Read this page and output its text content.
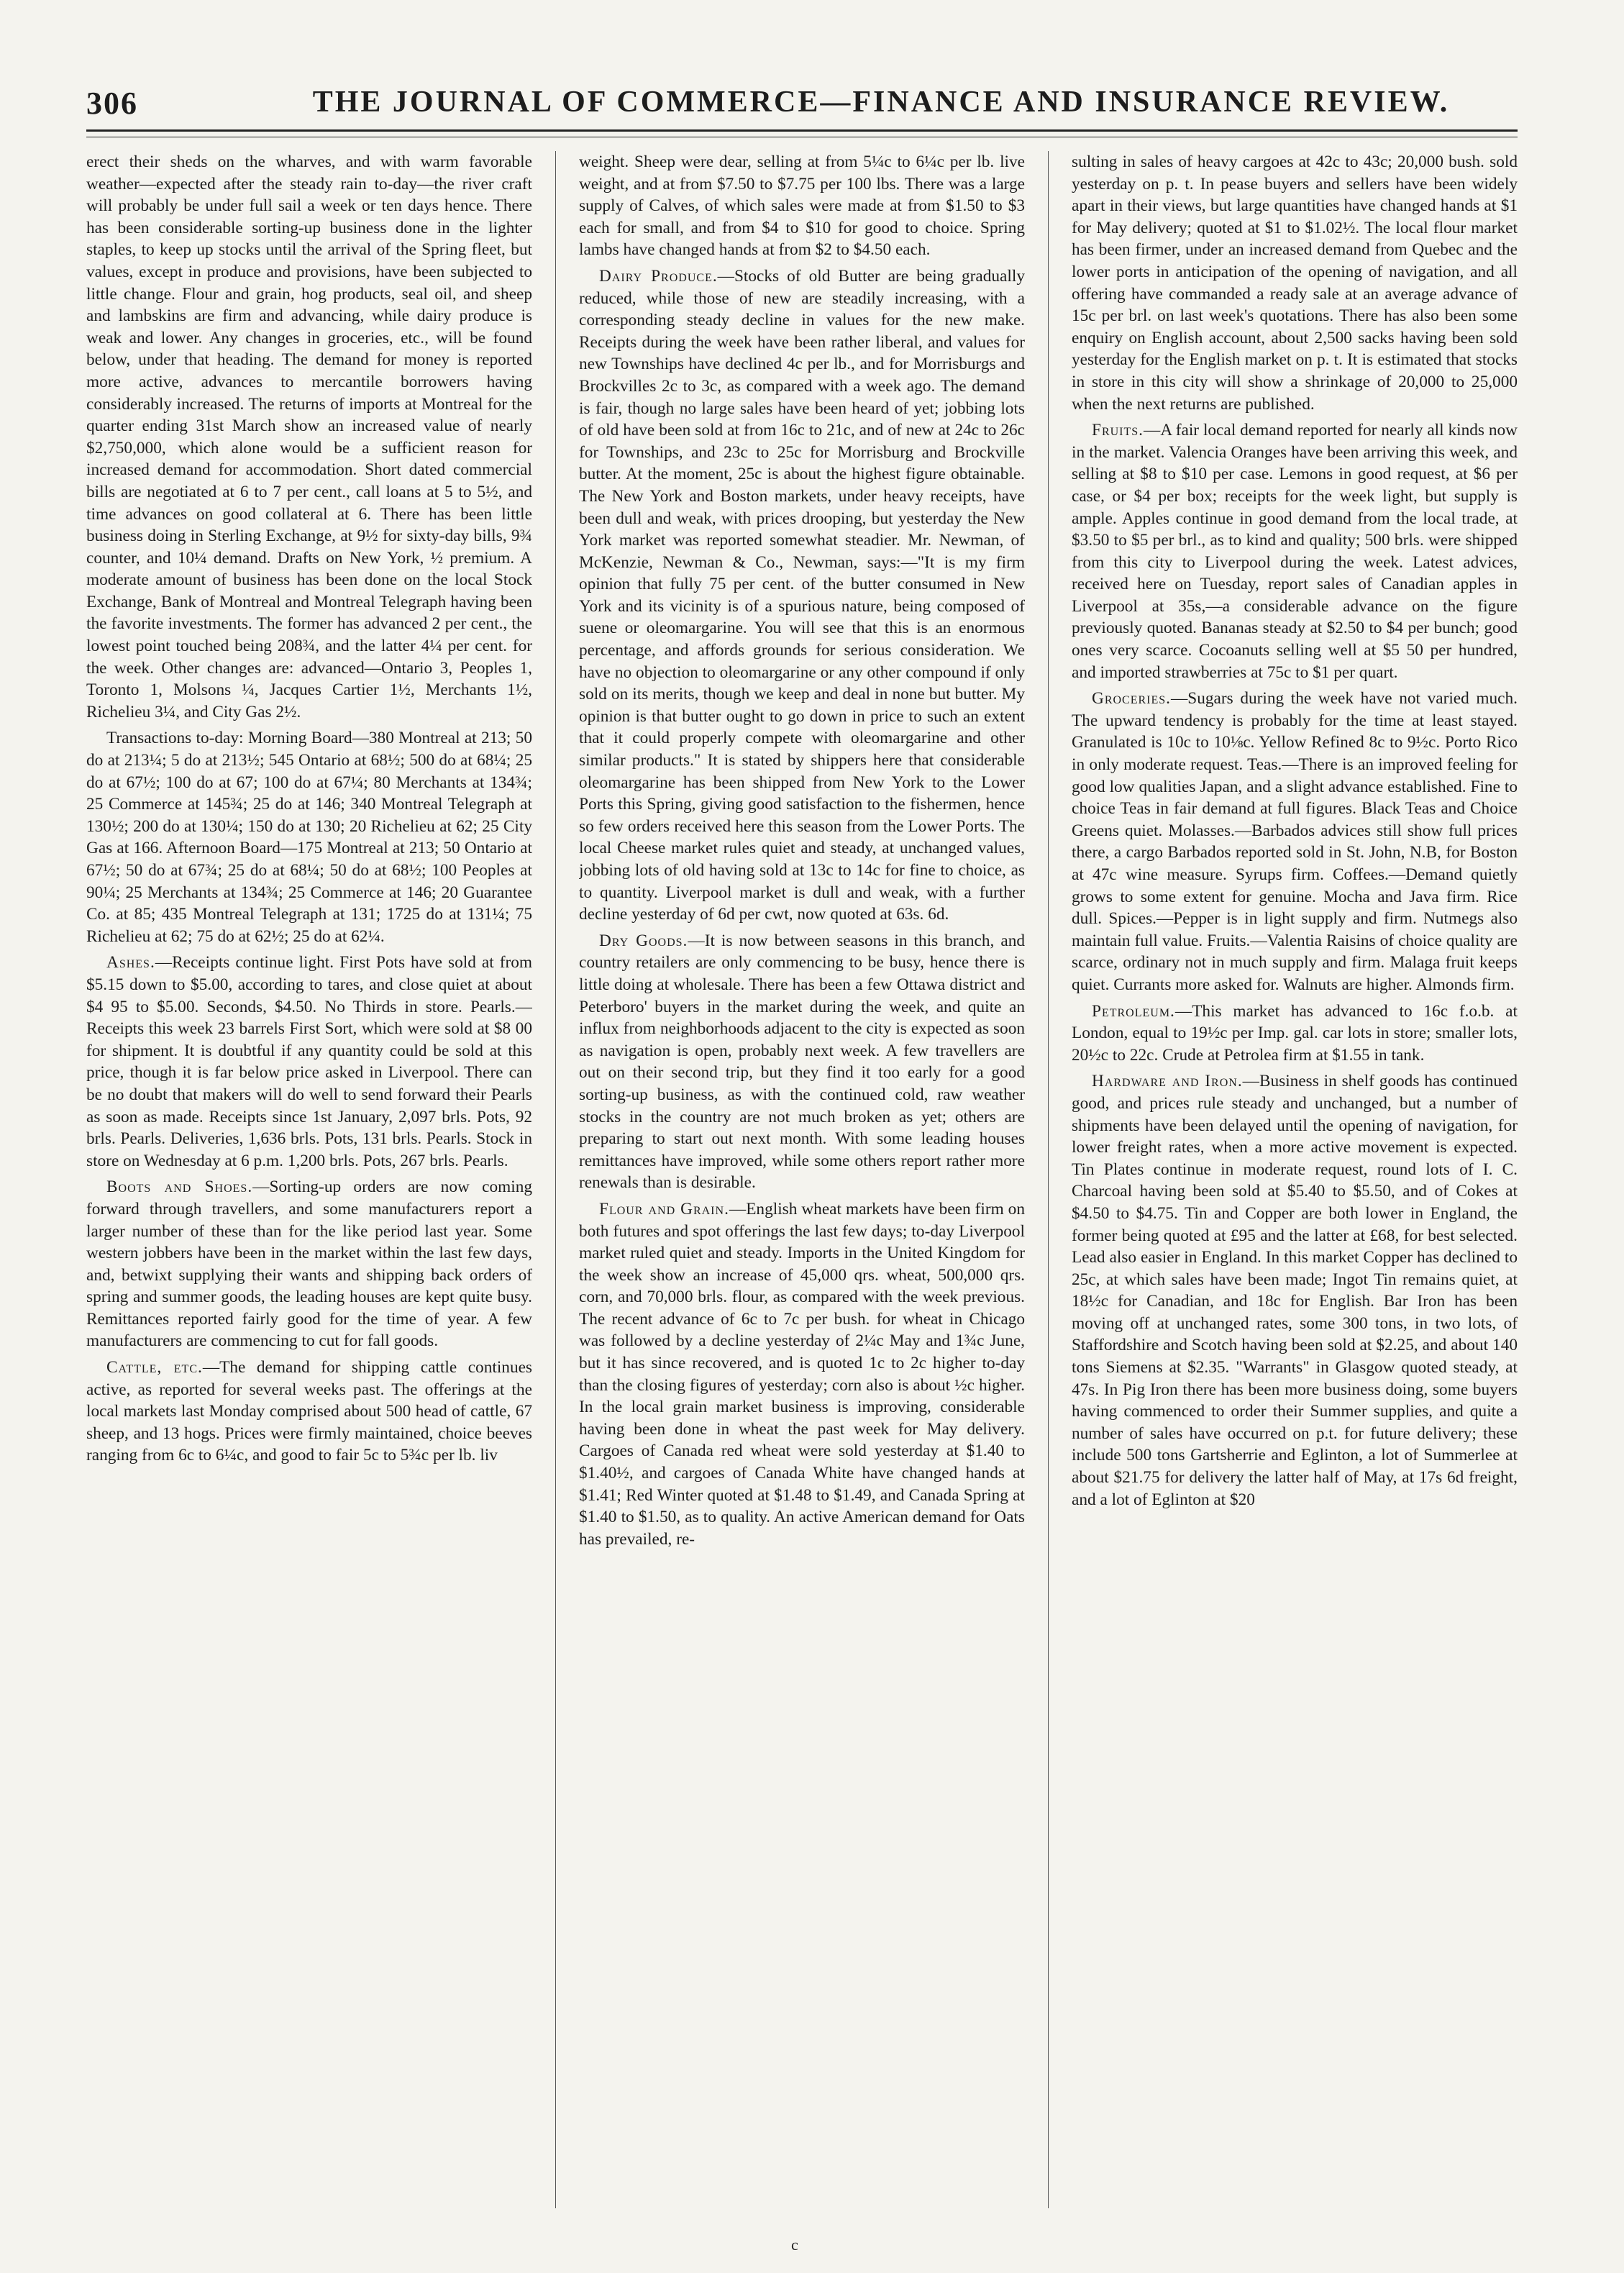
306	THE JOURNAL OF COMMERCE—FINANCE AND INSURANCE REVIEW.

erect their sheds on the wharves, and with warm favorable weather—expected after the steady rain to-day—the river craft will probably be under full sail a week or ten days hence. There has been considerable sorting-up business done in the lighter staples, to keep up stocks until the arrival of the Spring fleet, but values, except in produce and provisions, have been subjected to little change. Flour and grain, hog products, seal oil, and sheep and lambskins are firm and advancing, while dairy produce is weak and lower. Any changes in groceries, etc., will be found below, under that heading. The demand for money is reported more active, advances to mercantile borrowers having considerably increased. The returns of imports at Montreal for the quarter ending 31st March show an increased value of nearly $2,750,000, which alone would be a sufficient reason for increased demand for accommodation. Short dated commercial bills are negotiated at 6 to 7 per cent., call loans at 5 to 5½, and time advances on good collateral at 6. There has been little business doing in Sterling Exchange, at 9½ for sixty-day bills, 9¾ counter, and 10¼ demand. Drafts on New York, ½ premium. A moderate amount of business has been done on the local Stock Exchange, Bank of Montreal and Montreal Telegraph having been the favorite investments. The former has advanced 2 per cent., the lowest point touched being 208¾, and the latter 4¼ per cent. for the week. Other changes are: advanced—Ontario 3, Peoples 1, Toronto 1, Molsons ¼, Jacques Cartier 1½, Merchants 1½, Richelieu 3¼, and City Gas 2½.

Transactions to-day: Morning Board—380 Montreal at 213; 50 do at 213¼; 5 do at 213½; 545 Ontario at 68½; 500 do at 68¼; 25 do at 67½; 100 do at 67; 100 do at 67¼; 80 Merchants at 134¾; 25 Commerce at 145¾; 25 do at 146; 340 Montreal Telegraph at 130½; 200 do at 130¼; 150 do at 130; 20 Richelieu at 62; 25 City Gas at 166. Afternoon Board—175 Montreal at 213; 50 Ontario at 67½; 50 do at 67¾; 25 do at 68¼; 50 do at 68½; 100 Peoples at 90¼; 25 Merchants at 134¾; 25 Commerce at 146; 20 Guarantee Co. at 85; 435 Montreal Telegraph at 131; 1725 do at 131¼; 75 Richelieu at 62; 75 do at 62½; 25 do at 62¼.

Ashes.—Receipts continue light. First Pots have sold at from $5.15 down to $5.00, according to tares, and close quiet at about $4 95 to $5.00. Seconds, $4.50. No Thirds in store. Pearls.—Receipts this week 23 barrels First Sort, which were sold at $8 00 for shipment. It is doubtful if any quantity could be sold at this price, though it is far below price asked in Liverpool. There can be no doubt that makers will do well to send forward their Pearls as soon as made. Receipts since 1st January, 2,097 brls. Pots, 92 brls. Pearls. Deliveries, 1,636 brls. Pots, 131 brls. Pearls. Stock in store on Wednesday at 6 p.m. 1,200 brls. Pots, 267 brls. Pearls.

Boots and Shoes.—Sorting-up orders are now coming forward through travellers, and some manufacturers report a larger number of these than for the like period last year. Some western jobbers have been in the market within the last few days, and, betwixt supplying their wants and shipping back orders of spring and summer goods, the leading houses are kept quite busy. Remittances reported fairly good for the time of year. A few manufacturers are commencing to cut for fall goods.

Cattle, etc.—The demand for shipping cattle continues active, as reported for several weeks past. The offerings at the local markets last Monday comprised about 500 head of cattle, 67 sheep, and 13 hogs. Prices were firmly maintained, choice beeves ranging from 6c to 6¼c, and good to fair 5c to 5¾c per lb. liv

weight. Sheep were dear, selling at from 5¼c to 6¼c per lb. live weight, and at from $7.50 to $7.75 per 100 lbs. There was a large supply of Calves, of which sales were made at from $1.50 to $3 each for small, and from $4 to $10 for good to choice. Spring lambs have changed hands at from $2 to $4.50 each.

Dairy Produce.—Stocks of old Butter are being gradually reduced, while those of new are steadily increasing, with a corresponding steady decline in values for the new make. Receipts during the week have been rather liberal, and values for new Townships have declined 4c per lb., and for Morrisburgs and Brockvilles 2c to 3c, as compared with a week ago. The demand is fair, though no large sales have been heard of yet; jobbing lots of old have been sold at from 16c to 21c, and of new at 24c to 26c for Townships, and 23c to 25c for Morrisburg and Brockville butter. At the moment, 25c is about the highest figure obtainable. The New York and Boston markets, under heavy receipts, have been dull and weak, with prices drooping, but yesterday the New York market was reported somewhat steadier. Mr. Newman, of McKenzie, Newman & Co., Newman, says:—"It is my firm opinion that fully 75 per cent. of the butter consumed in New York and its vicinity is of a spurious nature, being composed of suene or oleomargarine. You will see that this is an enormous percentage, and affords grounds for serious consideration. We have no objection to oleomargarine or any other compound if only sold on its merits, though we keep and deal in none but butter. My opinion is that butter ought to go down in price to such an extent that it could properly compete with oleomargarine and other similar products." It is stated by shippers here that considerable oleomargarine has been shipped from New York to the Lower Ports this Spring, giving good satisfaction to the fishermen, hence so few orders received here this season from the Lower Ports. The local Cheese market rules quiet and steady, at unchanged values, jobbing lots of old having sold at 13c to 14c for fine to choice, as to quantity. Liverpool market is dull and weak, with a further decline yesterday of 6d per cwt, now quoted at 63s. 6d.

Dry Goods.—It is now between seasons in this branch, and country retailers are only commencing to be busy, hence there is little doing at wholesale. There has been a few Ottawa district and Peterboro' buyers in the market during the week, and quite an influx from neighborhoods adjacent to the city is expected as soon as navigation is open, probably next week. A few travellers are out on their second trip, but they find it too early for a good sorting-up business, as with the continued cold, raw weather stocks in the country are not much broken as yet; others are preparing to start out next month. With some leading houses remittances have improved, while some others report rather more renewals than is desirable.

Flour and Grain.—English wheat markets have been firm on both futures and spot offerings the last few days; to-day Liverpool market ruled quiet and steady. Imports in the United Kingdom for the week show an increase of 45,000 qrs. wheat, 500,000 qrs. corn, and 70,000 brls. flour, as compared with the week previous. The recent advance of 6c to 7c per bush. for wheat in Chicago was followed by a decline yesterday of 2¼c May and 1¾c June, but it has since recovered, and is quoted 1c to 2c higher to-day than the closing figures of yesterday; corn also is about ½c higher. In the local grain market business is improving, considerable having been done in wheat the past week for May delivery. Cargoes of Canada red wheat were sold yesterday at $1.40 to $1.40½, and cargoes of Canada White have changed hands at $1.41; Red Winter quoted at $1.48 to $1.49, and Canada Spring at $1.40 to $1.50, as to quality. An active American demand for Oats has prevailed, re-

sulting in sales of heavy cargoes at 42c to 43c; 20,000 bush. sold yesterday on p. t. In pease buyers and sellers have been widely apart in their views, but large quantities have changed hands at $1 for May delivery; quoted at $1 to $1.02½. The local flour market has been firmer, under an increased demand from Quebec and the lower ports in anticipation of the opening of navigation, and all offering have commanded a ready sale at an average advance of 15c per brl. on last week's quotations. There has also been some enquiry on English account, about 2,500 sacks having been sold yesterday for the English market on p. t. It is estimated that stocks in store in this city will show a shrinkage of 20,000 to 25,000 when the next returns are published.

Fruits.—A fair local demand reported for nearly all kinds now in the market. Valencia Oranges have been arriving this week, and selling at $8 to $10 per case. Lemons in good request, at $6 per case, or $4 per box; receipts for the week light, but supply is ample. Apples continue in good demand from the local trade, at $3.50 to $5 per brl., as to kind and quality; 500 brls. were shipped from this city to Liverpool during the week. Latest advices, received here on Tuesday, report sales of Canadian apples in Liverpool at 35s,—a considerable advance on the figure previously quoted. Bananas steady at $2.50 to $4 per bunch; good ones very scarce. Cocoanuts selling well at $5 50 per hundred, and imported strawberries at 75c to $1 per quart.

Groceries.—Sugars during the week have not varied much. The upward tendency is probably for the time at least stayed. Granulated is 10c to 10⅛c. Yellow Refined 8c to 9½c. Porto Rico in only moderate request. Teas.—There is an improved feeling for good low qualities Japan, and a slight advance established. Fine to choice Teas in fair demand at full figures. Black Teas and Choice Greens quiet. Molasses.—Barbados advices still show full prices there, a cargo Barbados reported sold in St. John, N.B, for Boston at 47c wine measure. Syrups firm. Coffees.—Demand quietly grows to some extent for genuine. Mocha and Java firm. Rice dull. Spices.—Pepper is in light supply and firm. Nutmegs also maintain full value. Fruits.—Valentia Raisins of choice quality are scarce, ordinary not in much supply and firm. Malaga fruit keeps quiet. Currants more asked for. Walnuts are higher. Almonds firm.

Petroleum.—This market has advanced to 16c f.o.b. at London, equal to 19½c per Imp. gal. car lots in store; smaller lots, 20½c to 22c. Crude at Petrolea firm at $1.55 in tank.

Hardware and Iron.—Business in shelf goods has continued good, and prices rule steady and unchanged, but a number of shipments have been delayed until the opening of navigation, for lower freight rates, when a more active movement is expected. Tin Plates continue in moderate request, round lots of I. C. Charcoal having been sold at $5.40 to $5.50, and of Cokes at $4.50 to $4.75. Tin and Copper are both lower in England, the former being quoted at £95 and the latter at £68, for best selected. Lead also easier in England. In this market Copper has declined to 25c, at which sales have been made; Ingot Tin remains quiet, at 18½c for Canadian, and 18c for English. Bar Iron has been moving off at unchanged rates, some 300 tons, in two lots, of Staffordshire and Scotch having been sold at $2.25, and about 140 tons Siemens at $2.35. "Warrants" in Glasgow quoted steady, at 47s. In Pig Iron there has been more business doing, some buyers having commenced to order their Summer supplies, and quite a number of sales have occurred on p.t. for future delivery; these include 500 tons Gartsherrie and Eglinton, a lot of Summerlee at about $21.75 for delivery the latter half of May, at 17s 6d freight, and a lot of Eglinton at $20

c
